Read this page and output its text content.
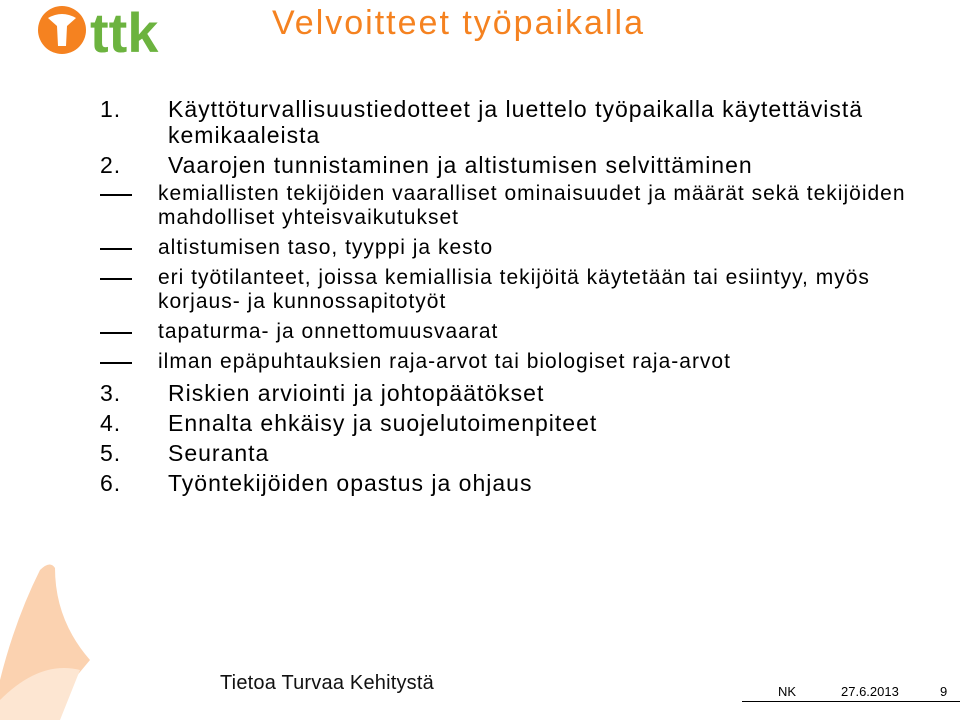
ttk	Velvoitteet työpaikalla
1.	Käyttöturvallisuustiedotteet ja luettelo työpaikalla käytettävistä kemikaaleista
2.	Vaarojen tunnistaminen ja altistumisen selvittäminen
kemiallisten tekijöiden vaaralliset ominaisuudet ja määrät sekä tekijöiden mahdolliset yhteisvaikutukset
altistumisen taso, tyyppi ja kesto
eri työtilanteet, joissa kemiallisia tekijöitä käytetään tai esiintyy, myös korjaus- ja kunnossapitotyöt
tapaturma- ja onnettomuusvaarat
ilman epäpuhtauksien raja-arvot tai biologiset raja-arvot
3.	Riskien arviointi ja johtopäätökset
4.	Ennalta ehkäisy ja suojelutoimenpiteet
5.	Seuranta
6.	Työntekijöiden opastus ja ohjaus
Tietoa Turvaa Kehitystä	NK	27.6.2013	9
